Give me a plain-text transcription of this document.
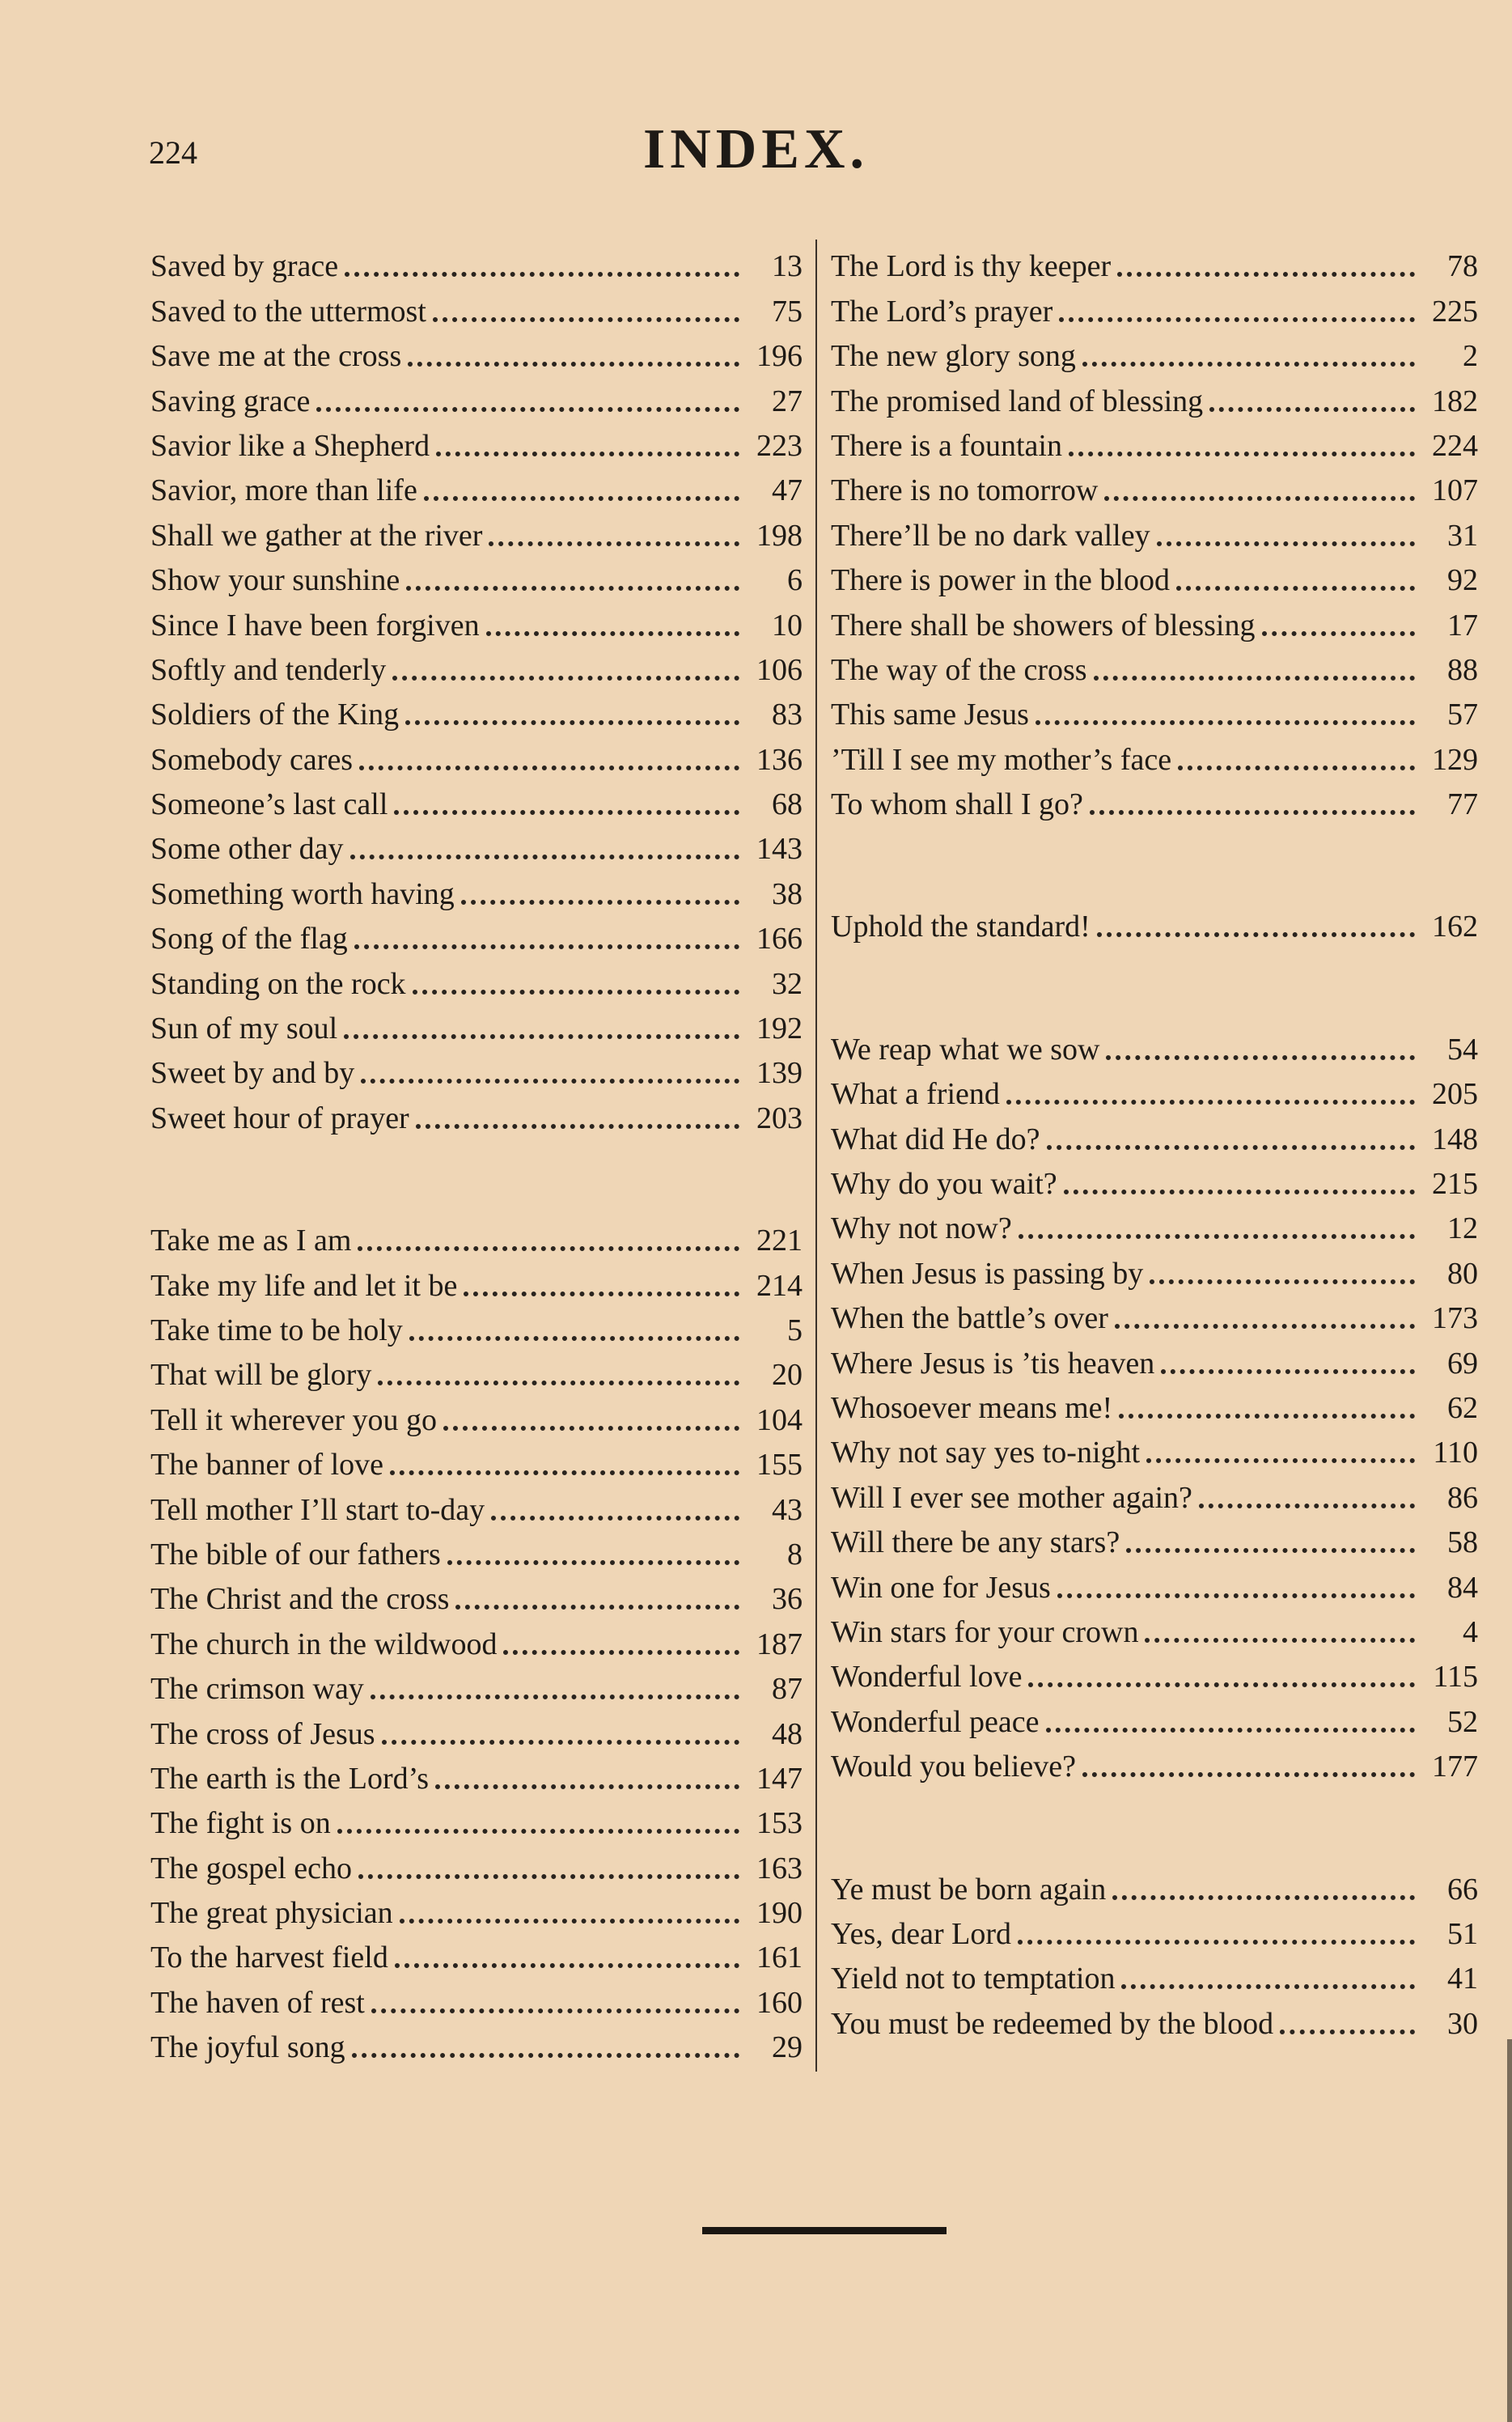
224	INDEX.
Saved by grace	13
Saved to the uttermost	75
Save me at the cross	196
Saving grace	27
Savior like a Shepherd	223
Savior, more than life	47
Shall we gather at the river	198
Show your sunshine	6
Since I have been forgiven	10
Softly and tenderly	106
Soldiers of the King	83
Somebody cares	136
Someone’s last call	68
Some other day	143
Something worth having	38
Song of the flag	166
Standing on the rock	32
Sun of my soul	192
Sweet by and by	139
Sweet hour of prayer	203
Take me as I am	221
Take my life and let it be	214
Take time to be holy	5
That will be glory	20
Tell it wherever you go	104
The banner of love	155
Tell mother I’ll start to-day	43
The bible of our fathers	8
The Christ and the cross	36
The church in the wildwood	187
The crimson way	87
The cross of Jesus	48
The earth is the Lord’s	147
The fight is on	153
The gospel echo	163
The great physician	190
To the harvest field	161
The haven of rest	160
The joyful song	29
The Lord is thy keeper	78
The Lord’s prayer	225
The new glory song	2
The promised land of blessing	182
There is a fountain	224
There is no tomorrow	107
There’ll be no dark valley	31
There is power in the blood	92
There shall be showers of blessing	17
The way of the cross	88
This same Jesus	57
’Till I see my mother’s face	129
To whom shall I go?	77
Uphold the standard!	162
We reap what we sow	54
What a friend	205
What did He do?	148
Why do you wait?	215
Why not now?	12
When Jesus is passing by	80
When the battle’s over	173
Where Jesus is ’tis heaven	69
Whosoever means me!	62
Why not say yes to-night	110
Will I ever see mother again?	86
Will there be any stars?	58
Win one for Jesus	84
Win stars for your crown	4
Wonderful love	115
Wonderful peace	52
Would you believe?	177
Ye must be born again	66
Yes, dear Lord	51
Yield not to temptation	41
You must be redeemed by the blood	30
